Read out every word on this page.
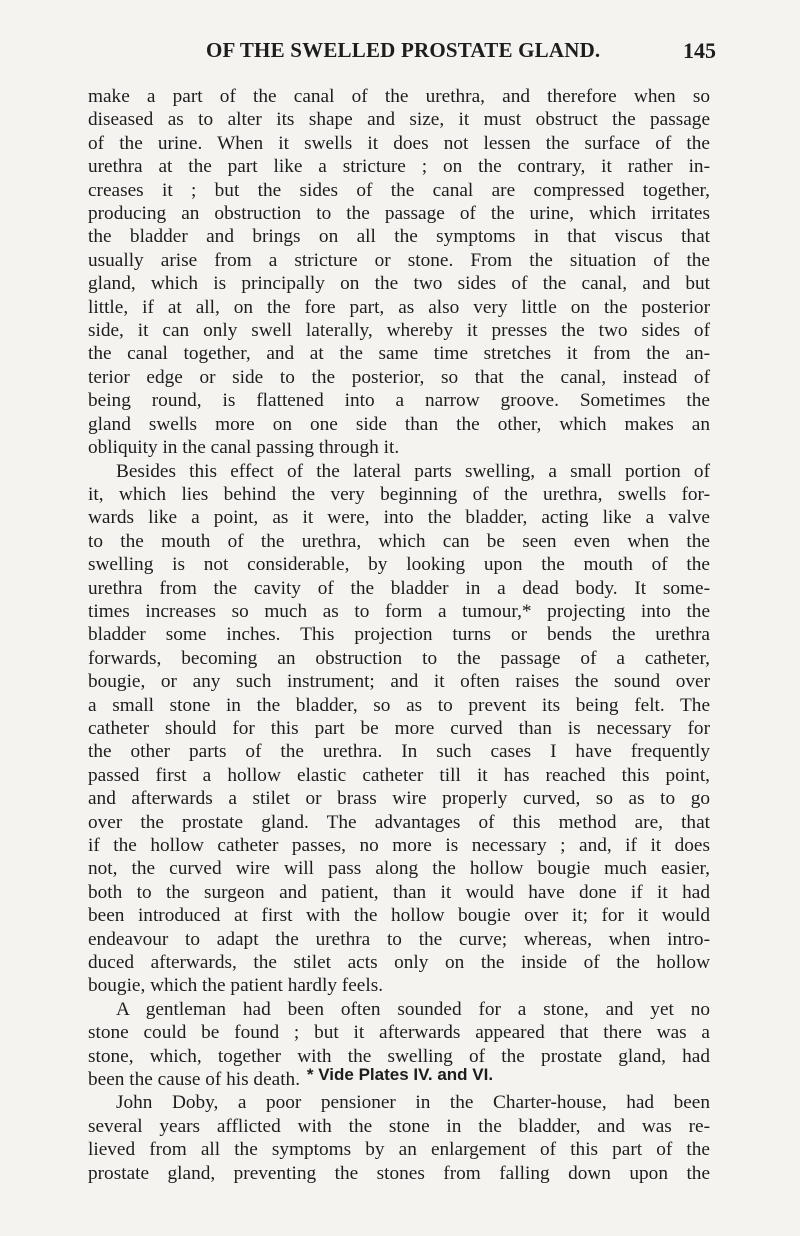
OF THE SWELLED PROSTATE GLAND.	145
make a part of the canal of the urethra, and therefore when so
diseased as to alter its shape and size, it must obstruct the passage
of the urine. When it swells it does not lessen the surface of the
urethra at the part like a stricture ; on the contrary, it rather in-
creases it ; but the sides of the canal are compressed together,
producing an obstruction to the passage of the urine, which irritates
the bladder and brings on all the symptoms in that viscus that
usually arise from a stricture or stone. From the situation of the
gland, which is principally on the two sides of the canal, and but
little, if at all, on the fore part, as also very little on the posterior
side, it can only swell laterally, whereby it presses the two sides of
the canal together, and at the same time stretches it from the an-
terior edge or side to the posterior, so that the canal, instead of
being round, is flattened into a narrow groove. Sometimes the
gland swells more on one side than the other, which makes an
obliquity in the canal passing through it.
Besides this effect of the lateral parts swelling, a small portion of
it, which lies behind the very beginning of the urethra, swells for-
wards like a point, as it were, into the bladder, acting like a valve
to the mouth of the urethra, which can be seen even when the
swelling is not considerable, by looking upon the mouth of the
urethra from the cavity of the bladder in a dead body. It some-
times increases so much as to form a tumour,* projecting into the
bladder some inches. This projection turns or bends the urethra
forwards, becoming an obstruction to the passage of a catheter,
bougie, or any such instrument; and it often raises the sound over
a small stone in the bladder, so as to prevent its being felt. The
catheter should for this part be more curved than is necessary for
the other parts of the urethra. In such cases I have frequently
passed first a hollow elastic catheter till it has reached this point,
and afterwards a stilet or brass wire properly curved, so as to go
over the prostate gland. The advantages of this method are, that
if the hollow catheter passes, no more is necessary ; and, if it does
not, the curved wire will pass along the hollow bougie much easier,
both to the surgeon and patient, than it would have done if it had
been introduced at first with the hollow bougie over it; for it would
endeavour to adapt the urethra to the curve; whereas, when intro-
duced afterwards, the stilet acts only on the inside of the hollow
bougie, which the patient hardly feels.
A gentleman had been often sounded for a stone, and yet no
stone could be found ; but it afterwards appeared that there was a
stone, which, together with the swelling of the prostate gland, had
been the cause of his death.
John Doby, a poor pensioner in the Charter-house, had been
several years afflicted with the stone in the bladder, and was re-
lieved from all the symptoms by an enlargement of this part of the
prostate gland, preventing the stones from falling down upon the
* Vide Plates IV. and VI.
